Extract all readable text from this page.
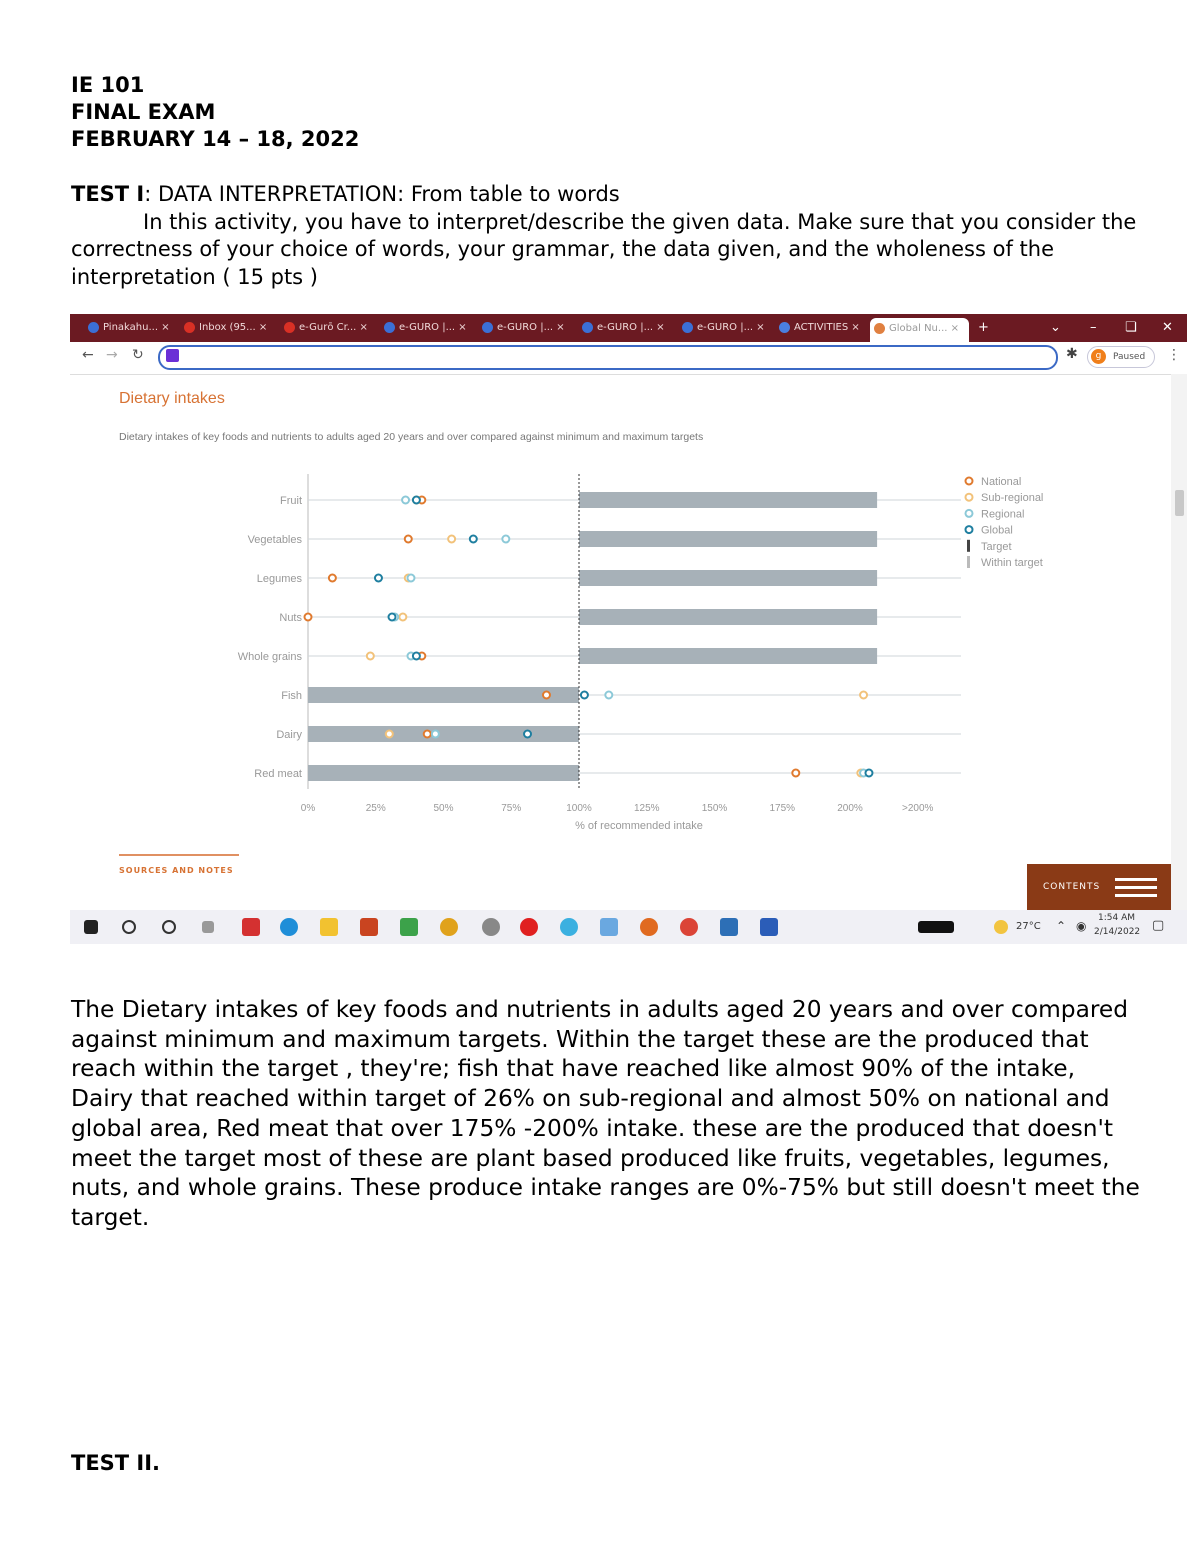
IE 101
FINAL EXAM
FEBRUARY 14 – 18, 2022
TEST I: DATA INTERPRETATION: From table to words
In this activity, you have to interpret/describe the given data. Make sure that you consider the correctness of your choice of words, your grammar, the data given, and the wholeness of the interpretation ( 15 pts )
Pinakahu... ×	Inbox (95... ×	e-Gurō Cr... ×	e-GURO |... ×	e-GURO |... ×	e-GURO |... ×	e-GURO |... ×	ACTIVITIES ×	Global Nu... ×	+	⌄ – ❏ ✕
← → ↻	✱	g	Paused ⋮
Dietary intakes
Dietary intakes of key foods and nutrients to adults aged 20 years and over compared against minimum and maximum targets
Fruit
Vegetables
Legumes
Nuts
Whole grains
Fish
Dairy
Red meat
0%	25%	50%	75%	100%	125%	150%	175%	200%	>200%
% of recommended intake
National
Sub-regional
Regional
Global
Target
Within target
SOURCES AND NOTES
CONTENTS
27°C ⌃ ◉
1:54 AM
2/14/2022 ▢
The Dietary intakes of key foods and nutrients in adults aged 20 years and over compared against minimum and maximum targets. Within the target these are the produced that reach within the target , they're; fish that have reached like almost 90% of the intake, Dairy that reached within target of 26% on sub-regional and almost 50% on national and global area, Red meat that over 175% -200% intake. these are the produced that doesn't meet the target most of these are plant based produced like fruits, vegetables, legumes, nuts, and whole grains. These produce intake ranges are 0%-75% but still doesn't meet the target.
TEST II.
